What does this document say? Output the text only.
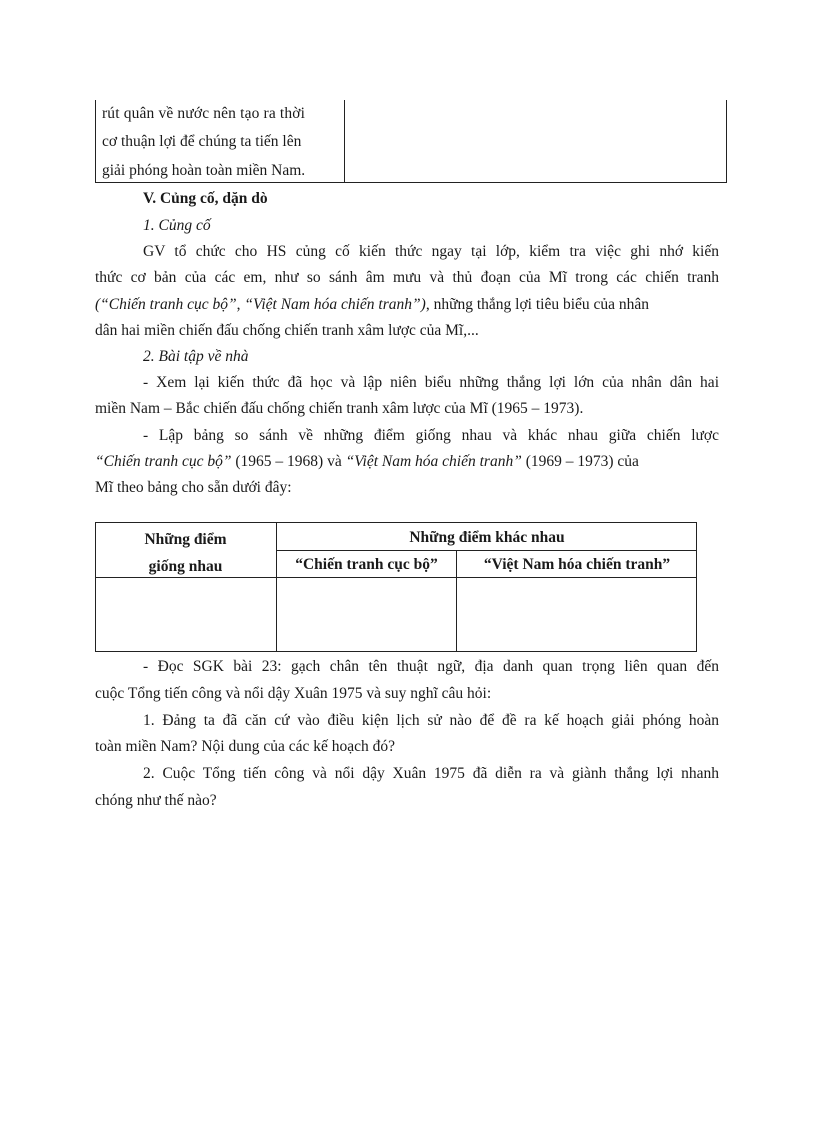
rút quân về nước nên tạo ra thời
cơ thuận lợi để chúng ta tiến lên
giải phóng hoàn toàn miền Nam.
V. Củng cố, dặn dò
1. Củng cố
GV tổ chức cho HS củng cố kiến thức ngay tại lớp, kiểm tra việc ghi nhớ kiến
thức cơ bản của các em, như so sánh âm mưu và thủ đoạn của Mĩ trong các chiến tranh
(“Chiến tranh cục bộ”, “Việt Nam hóa chiến tranh”), những thắng lợi tiêu biểu của nhân
dân hai miền chiến đấu chống chiến tranh xâm lược của Mĩ,...
2. Bài tập về nhà
- Xem lại kiến thức đã học và lập niên biểu những thắng lợi lớn của nhân dân hai
miền Nam – Bắc chiến đấu chống chiến tranh xâm lược của Mĩ (1965 – 1973).
- Lập bảng so sánh về những điểm giống nhau và khác nhau giữa chiến lược
“Chiến tranh cục bộ” (1965 – 1968) và “Việt Nam hóa chiến tranh” (1969 – 1973) của
Mĩ theo bảng cho sẵn dưới đây:
Những điểm
giống nhau
Những điểm khác nhau
“Chiến tranh cục bộ”	“Việt Nam hóa chiến tranh”
- Đọc SGK bài 23: gạch chân tên thuật ngữ, địa danh quan trọng liên quan đến
cuộc Tổng tiến công và nổi dậy Xuân 1975 và suy nghĩ câu hỏi:
1. Đảng ta đã căn cứ vào điều kiện lịch sử nào để đề ra kế hoạch giải phóng hoàn
toàn miền Nam? Nội dung của các kế hoạch đó?
2. Cuộc Tổng tiến công và nổi dậy Xuân 1975 đã diễn ra và giành thắng lợi nhanh
chóng như thế nào?
